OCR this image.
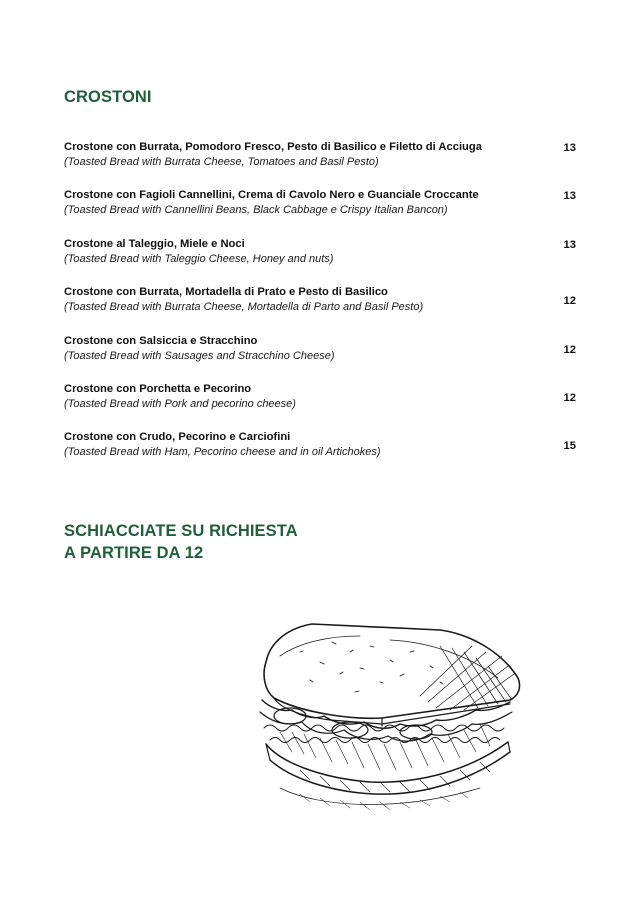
CROSTONI
Crostone con Burrata, Pomodoro Fresco, Pesto di Basilico e Filetto di Acciuga
(Toasted Bread with Burrata Cheese, Tomatoes and Basil Pesto)
13
Crostone con Fagioli Cannellini, Crema di Cavolo Nero e Guanciale Croccante
(Toasted Bread with Cannellini Beans, Black Cabbage e Crispy Italian Bancon)
13
Crostone al Taleggio, Miele e Noci
(Toasted Bread with Taleggio Cheese, Honey and nuts)
13
Crostone con Burrata, Mortadella di Prato e Pesto di Basilico
(Toasted Bread with Burrata Cheese, Mortadella di Parto and Basil Pesto)	12
Crostone con Salsiccia e Stracchino
(Toasted Bread with Sausages and Stracchino Cheese)	12
Crostone con Porchetta e Pecorino
(Toasted Bread with Pork and pecorino cheese)	12
Crostone con Crudo, Pecorino e Carciofini
(Toasted Bread with Ham, Pecorino cheese and in oil Artichokes)	15
SCHIACCIATE SU RICHIESTA
A PARTIRE DA 12
